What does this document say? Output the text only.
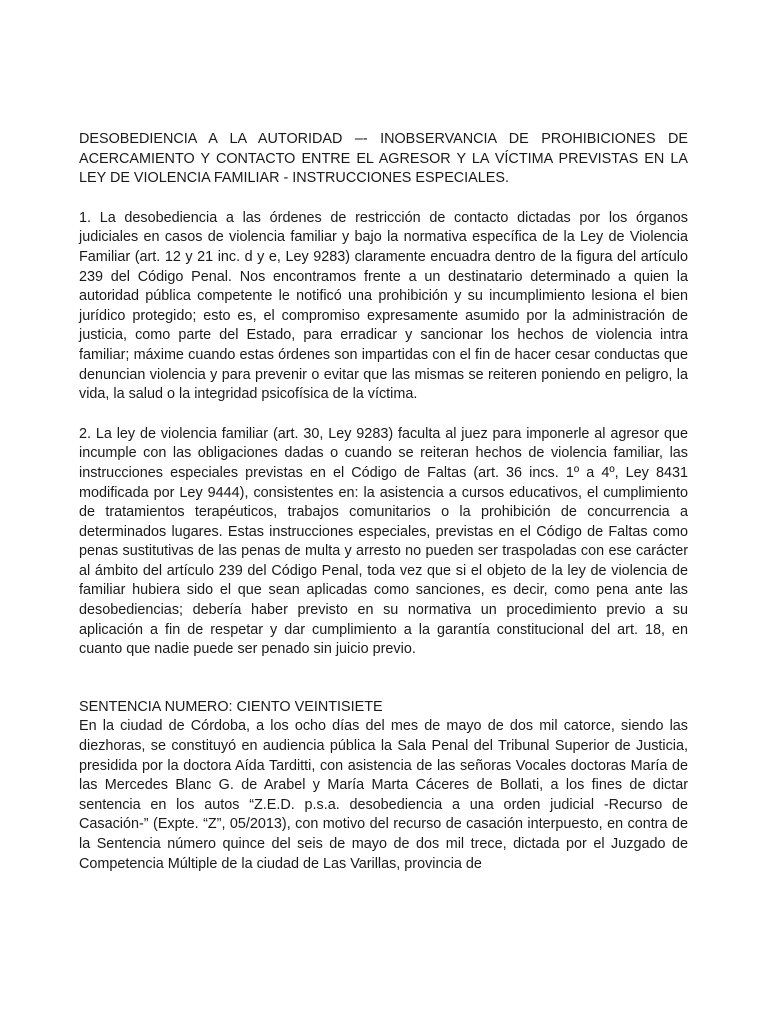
DESOBEDIENCIA A LA AUTORIDAD –- INOBSERVANCIA DE PROHIBICIONES DE ACERCAMIENTO Y CONTACTO ENTRE EL AGRESOR Y LA VÍCTIMA PREVISTAS EN LA LEY DE VIOLENCIA FAMILIAR - INSTRUCCIONES ESPECIALES.

1. La desobediencia a las órdenes de restricción de contacto dictadas por los órganos judiciales en casos de violencia familiar y bajo la normativa específica de la Ley de Violencia Familiar (art. 12 y 21 inc. d y e, Ley 9283) claramente encuadra dentro de la figura del artículo 239 del Código Penal. Nos encontramos frente a un destinatario determinado a quien la autoridad pública competente le notificó una prohibición y su incumplimiento lesiona el bien jurídico protegido; esto es, el compromiso expresamente asumido por la administración de justicia, como parte del Estado, para erradicar y sancionar los hechos de violencia intra familiar; máxime cuando estas órdenes son impartidas con el fin de hacer cesar conductas que denuncian violencia y para prevenir o evitar que las mismas se reiteren poniendo en peligro, la vida, la salud o la integridad psicofísica de la víctima.

2. La ley de violencia familiar (art. 30, Ley 9283) faculta al juez para imponerle al agresor que incumple con las obligaciones dadas o cuando se reiteran hechos de violencia familiar, las instrucciones especiales previstas en el Código de Faltas (art. 36 incs. 1º a 4º, Ley 8431 modificada por Ley 9444), consistentes en: la asistencia a cursos educativos, el cumplimiento de tratamientos terapéuticos, trabajos comunitarios o la prohibición de concurrencia a determinados lugares. Estas instrucciones especiales, previstas en el Código de Faltas como penas sustitutivas de las penas de multa y arresto no pueden ser traspoladas con ese carácter al ámbito del artículo 239 del Código Penal, toda vez que si el objeto de la ley de violencia de familiar hubiera sido el que sean aplicadas como sanciones, es decir, como pena ante las desobediencias; debería haber previsto en su normativa un procedimiento previo a su aplicación a fin de respetar y dar cumplimiento a la garantía constitucional del art. 18, en cuanto que nadie puede ser penado sin juicio previo.

SENTENCIA NUMERO: CIENTO VEINTISIETE

En la ciudad de Córdoba, a los ocho días del mes de mayo de dos mil catorce, siendo las diezhoras, se constituyó en audiencia pública la Sala Penal del Tribunal Superior de Justicia, presidida por la doctora Aída Tarditti, con asistencia de las señoras Vocales doctoras María de las Mercedes Blanc G. de Arabel y María Marta Cáceres de Bollati, a los fines de dictar sentencia en los autos “Z.E.D. p.s.a. desobediencia a una orden judicial -Recurso de Casación-” (Expte. “Z”, 05/2013), con motivo del recurso de casación interpuesto, en contra de la Sentencia número quince del seis de mayo de dos mil trece, dictada por el Juzgado de Competencia Múltiple de la ciudad de Las Varillas, provincia de
